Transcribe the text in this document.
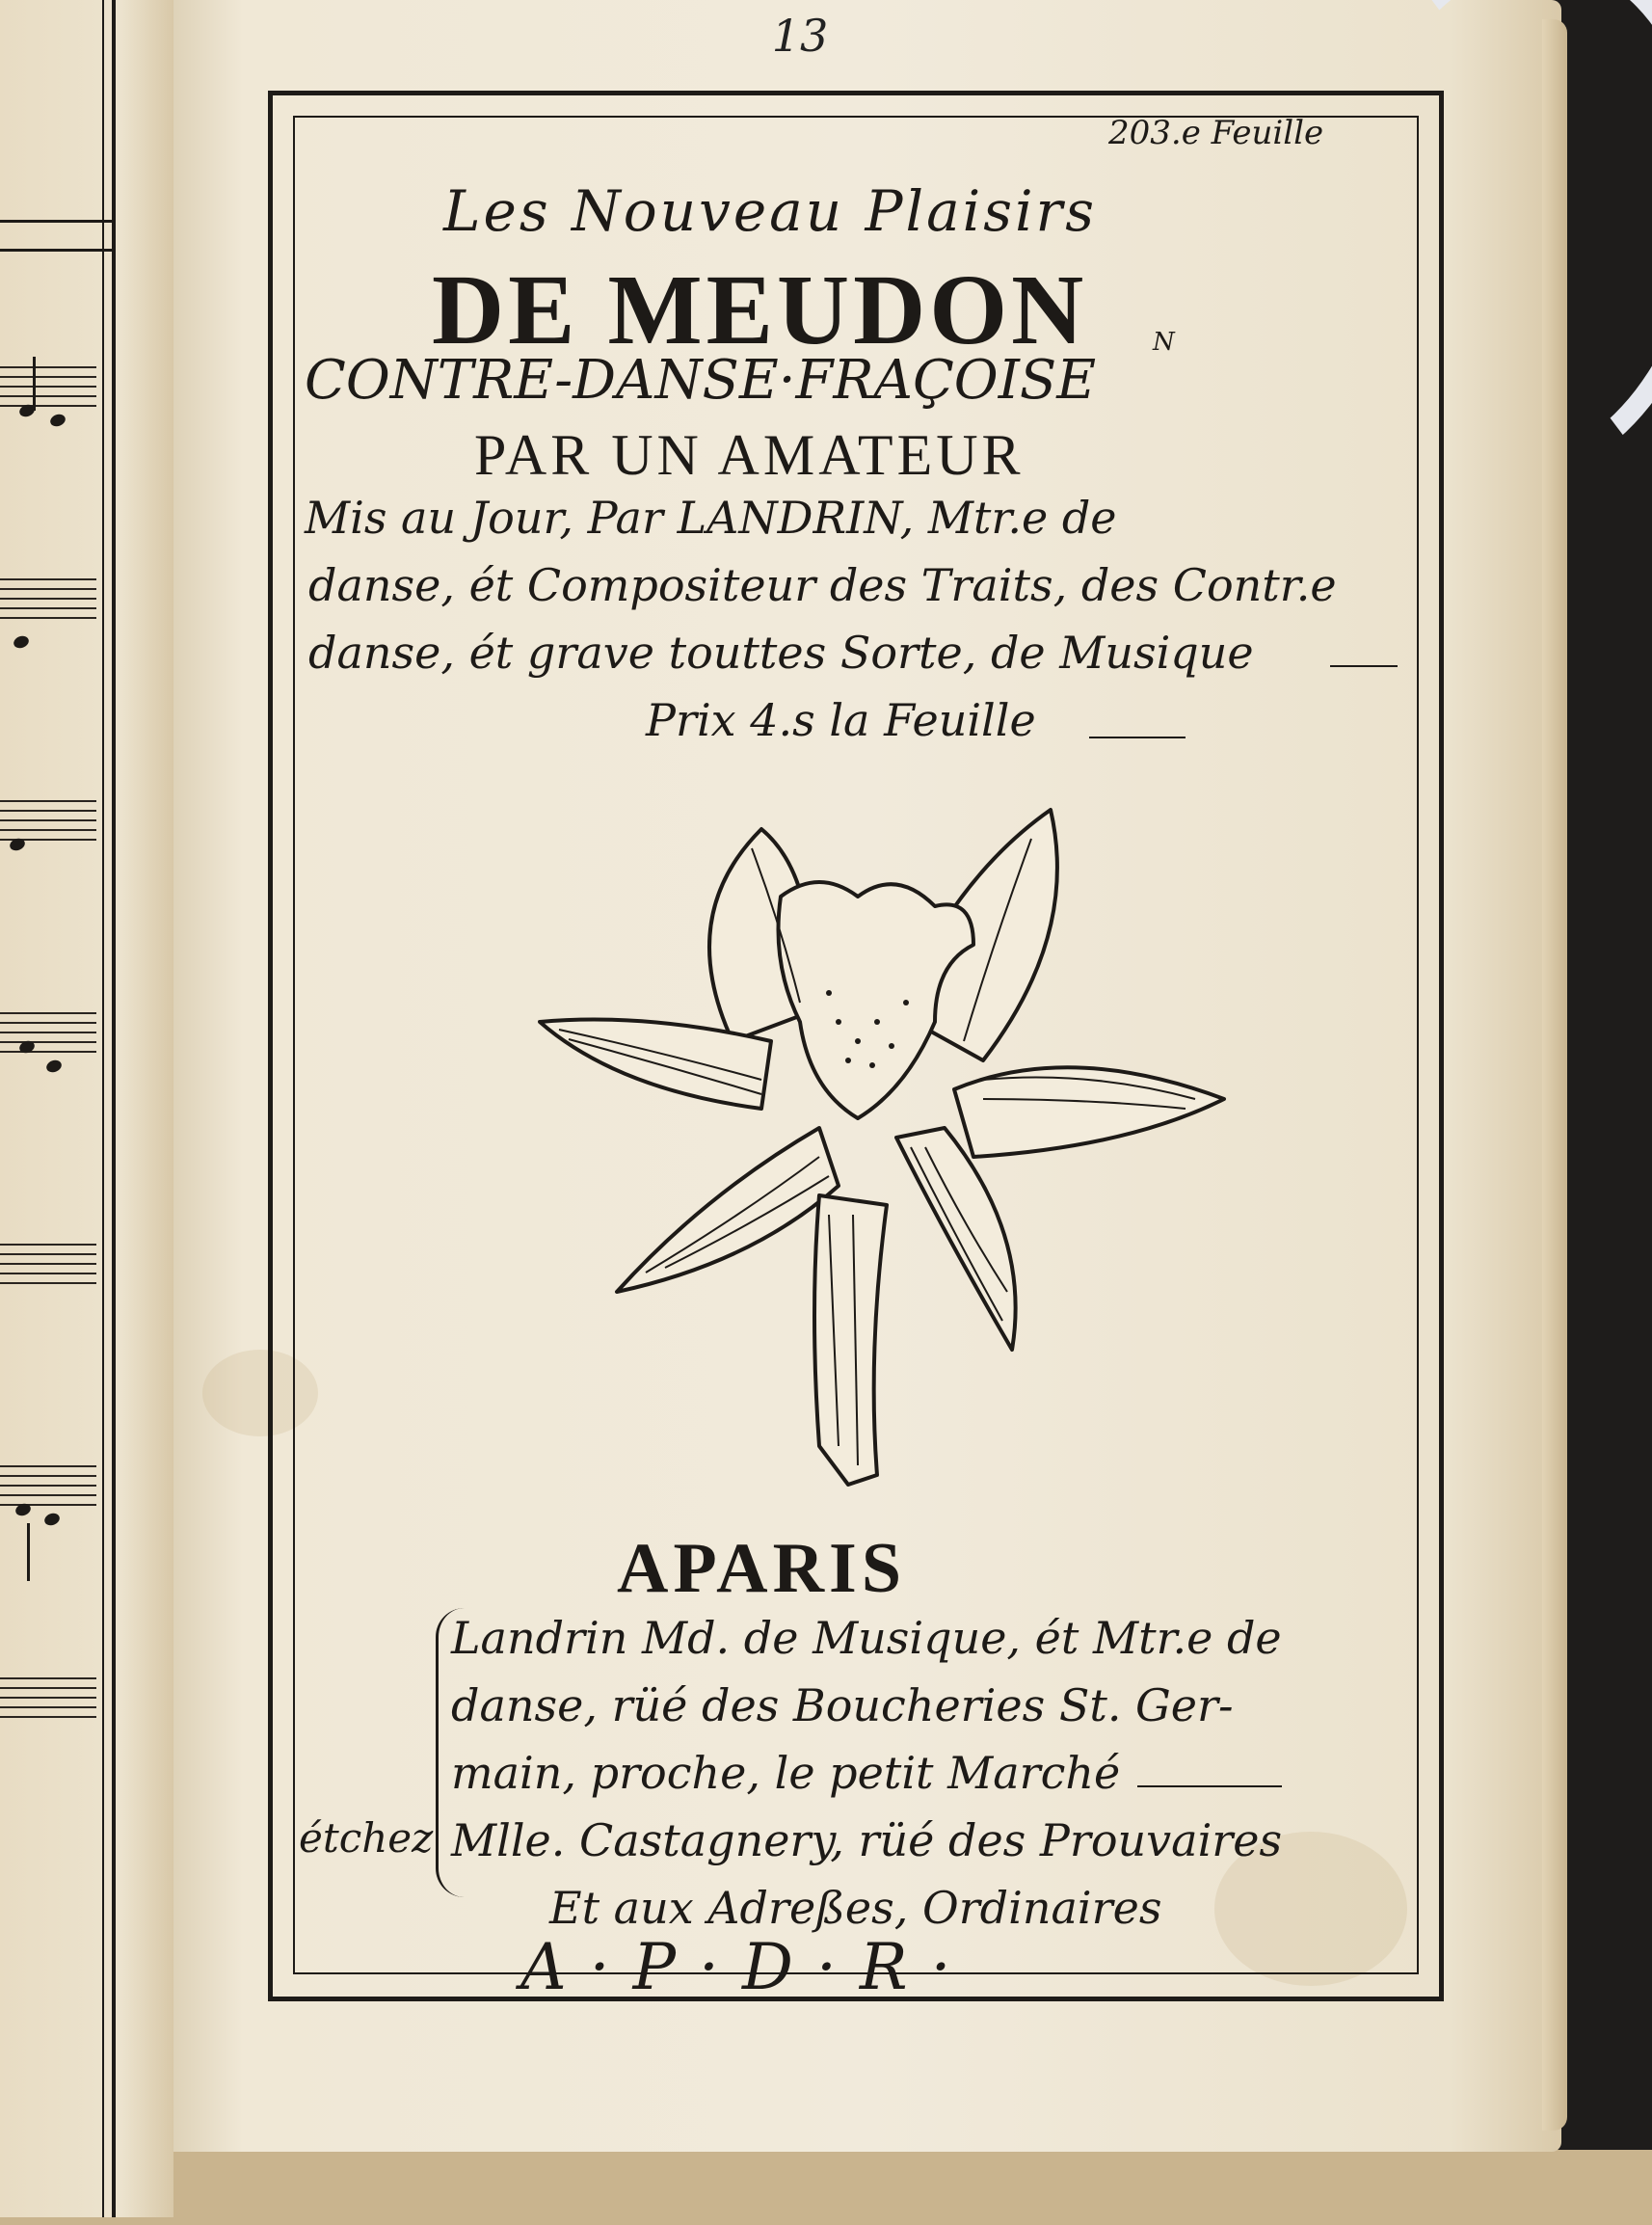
13
203.e Feuille
Les Nouveau Plaisirs
DE MEUDON	N
CONTRE-DANSE·FRAÇOISE
PAR UN AMATEUR
Mis au Jour, Par LANDRIN, Mtr.e de
danse, ét Compositeur des Traits, des Contr.e
danse, ét grave touttes Sorte, de Musique
Prix 4.s la Feuille
APARIS
Landrin Md. de Musique, ét Mtr.e de
danse, rüé des Boucheries St. Ger-
main, proche, le petit Marché
étchez Mlle. Castagnery, rüé des Prouvaires
Et aux Adreßes, Ordinaires
A·P·D·R·
